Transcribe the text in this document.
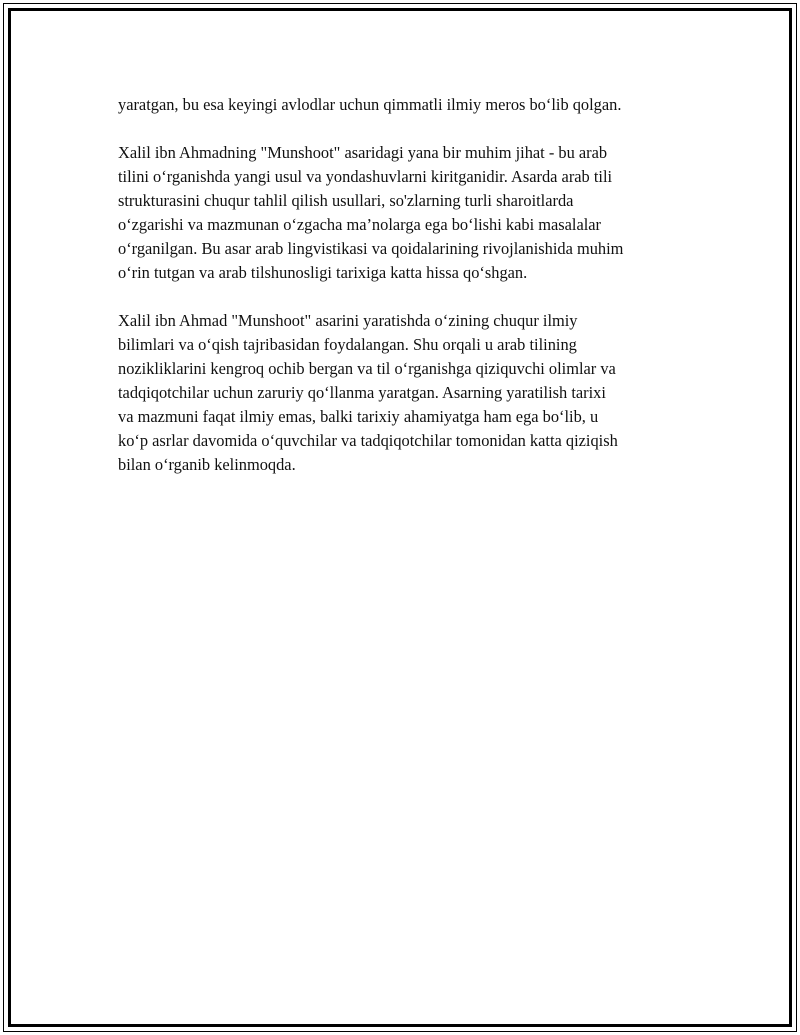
yaratgan, bu esa keyingi avlodlar uchun qimmatli ilmiy meros bo‘lib qolgan.

Xalil ibn Ahmadning "Munshoot" asaridagi yana bir muhim jihat - bu arab
tilini o‘rganishda yangi usul va yondashuvlarni kiritganidir. Asarda arab tili
strukturasini chuqur tahlil qilish usullari, so'zlarning turli sharoitlarda
o‘zgarishi va mazmunan o‘zgacha ma’nolarga ega bo‘lishi kabi masalalar
o‘rganilgan. Bu asar arab lingvistikasi va qoidalarining rivojlanishida muhim
o‘rin tutgan va arab tilshunosligi tarixiga katta hissa qo‘shgan.

Xalil ibn Ahmad "Munshoot" asarini yaratishda o‘zining chuqur ilmiy
bilimlari va o‘qish tajribasidan foydalangan. Shu orqali u arab tilining
nozikliklarini kengroq ochib bergan va til o‘rganishga qiziquvchi olimlar va
tadqiqotchilar uchun zaruriy qo‘llanma yaratgan. Asarning yaratilish tarixi
va mazmuni faqat ilmiy emas, balki tarixiy ahamiyatga ham ega bo‘lib, u
ko‘p asrlar davomida o‘quvchilar va tadqiqotchilar tomonidan katta qiziqish
bilan o‘rganib kelinmoqda.
